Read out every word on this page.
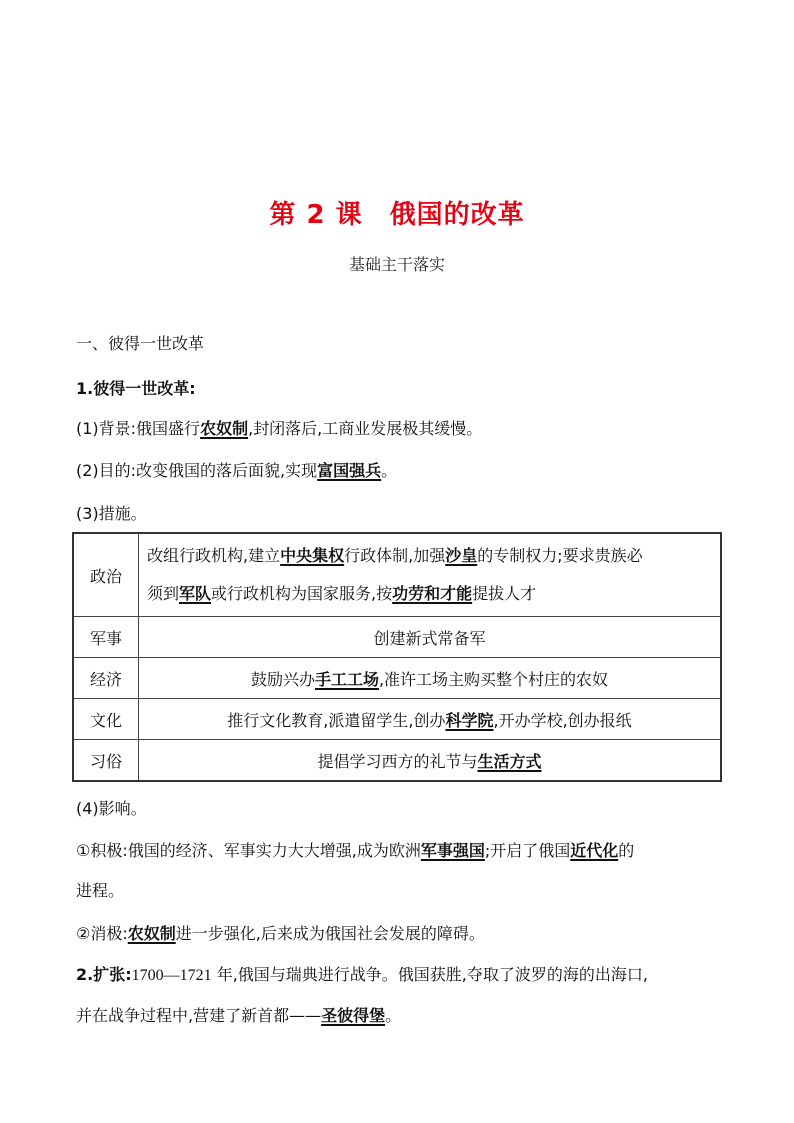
第 2 课　俄国的改革
基础主干落实
一、彼得一世改革
1.彼得一世改革:
(1)背景:俄国盛行农奴制,封闭落后,工商业发展极其缓慢。
(2)目的:改变俄国的落后面貌,实现富国强兵。
(3)措施。
政治	改组行政机构,建立中央集权行政体制,加强沙皇的专制权力;要求贵族必
须到军队或行政机构为国家服务,按功劳和才能提拔人才
军事	创建新式常备军
经济	鼓励兴办手工工场,准许工场主购买整个村庄的农奴
文化	推行文化教育,派遣留学生,创办科学院,开办学校,创办报纸
习俗	提倡学习西方的礼节与生活方式
(4)影响。
①积极:俄国的经济、军事实力大大增强,成为欧洲军事强国;开启了俄国近代化的
进程。
②消极:农奴制进一步强化,后来成为俄国社会发展的障碍。
2.扩张:1700—1721 年,俄国与瑞典进行战争。俄国获胜,夺取了波罗的海的出海口,
并在战争过程中,营建了新首都——圣彼得堡。
